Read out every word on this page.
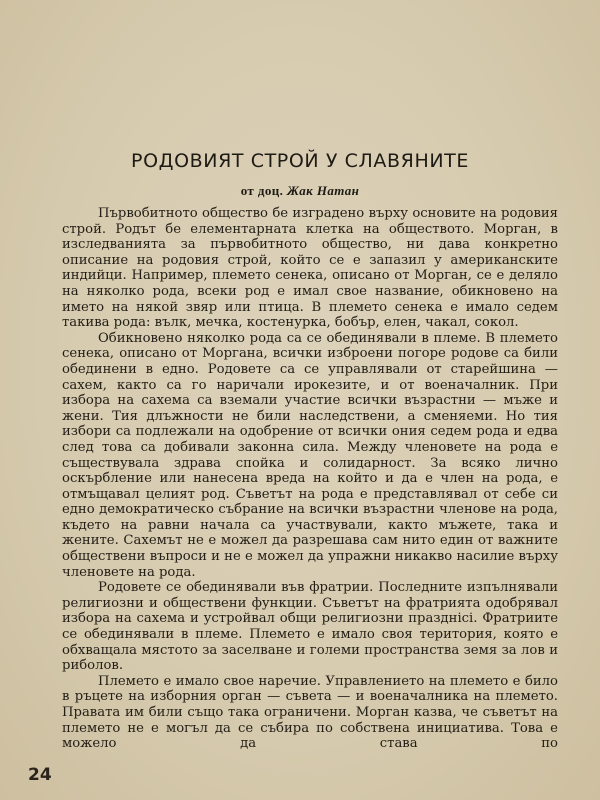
РОДОВИЯТ СТРОЙ У СЛАВЯНИТЕ
от доц. Жак Натан

Първобитното общество бе изградено върху основите на родовия строй. Родът бе елементарната клетка на обществото. Морган, в изследванията за първобитното общество, ни дава конкретно описание на родовия строй, който се е запазил у американските индийци. Например, племето сенека, описано от Морган, се е деляло на няколко рода, всеки род е имал свое название, обикновено на името на някой звяр или птица. В племето сенека е имало седем такива рода: вълк, мечка, костенурка, бобър, елен, чакал, сокол.

Обикновено няколко рода са се обединявали в племе. В племето сенека, описано от Моргана, всички изброени погоре родове са били обединени в едно. Родовете са се управлявали от старейшина — сахем, както са го наричали ирокезите, и от военачалник. При избора на сахема са вземали участие всички възрастни — мъже и жени. Тия длъжности не били наследствени, а сменяеми. Но тия избори са подлежали на одобрение от всички ония седем рода и едва след това са добивали законна сила. Между членовете на рода е съществувала здрава спойка и солидарност. За всяко лично оскърбление или нанесена вреда на който и да е член на рода, е отмъщавал целият род. Съветът на рода е представлявал от себе си едно демократическо събрание на всички възрастни членове на рода, където на равни начала са участвували, както мъжете, така и жените. Сахемът не е можел да разрешава сам нито един от важните обществени въпроси и не е можел да упражни никакво насилие върху членовете на рода.

Родовете се обединявали във фратрии. Последните изпълнявали религиозни и обществени функции. Съветът на фратрията одобрявал избора на сахема и устройвал общи религиозни празднici. Фратриите се обединявали в племе. Племето е имало своя територия, която е обхващала мястото за заселване и големи пространства земя за лов и риболов.

Племето е имало свое наречие. Управлението на племето е било в ръцете на изборния орган — съвета — и военачалника на племето. Правата им били също така ограничени. Морган казва, че съветът на племето не е могъл да се събира по собствена инициатива. Това е можело да става по

24
